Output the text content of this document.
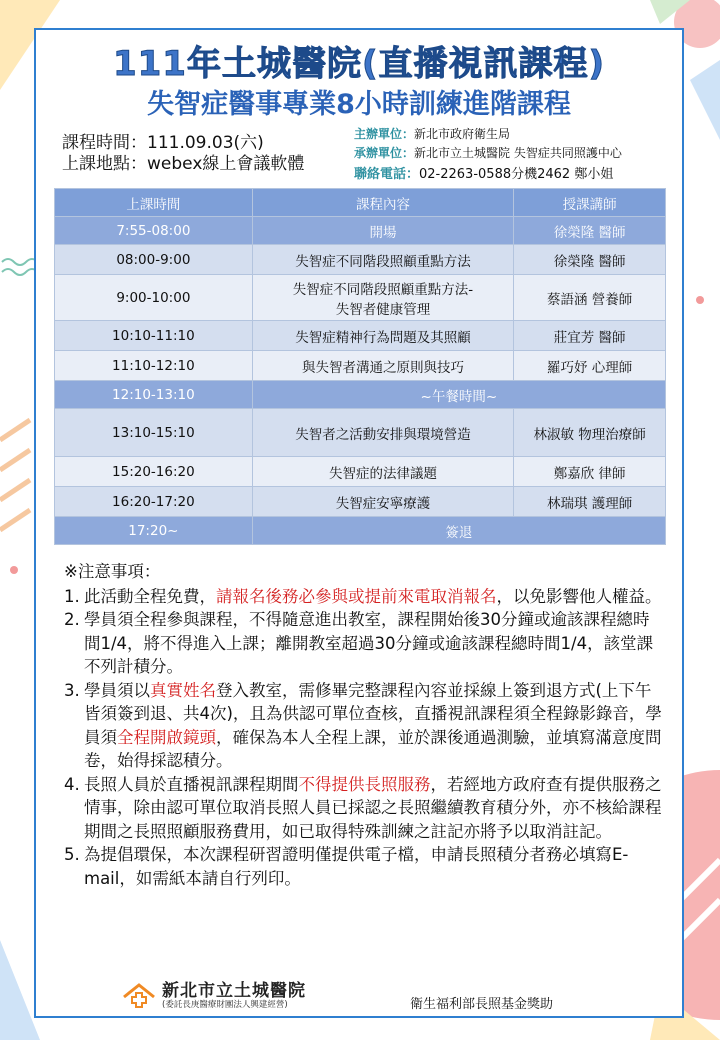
111年土城醫院(直播視訊課程)
失智症醫事專業8小時訓練進階課程
課程時間：111.09.03(六)
上課地點：webex線上會議軟體
主辦單位：新北市政府衛生局
承辦單位：新北市立土城醫院 失智症共同照護中心
聯絡電話：02-2263-0588分機2462 鄭小姐
上課時間	課程內容	授課講師
7:55-08:00	開場	徐榮隆 醫師
08:00-9:00	失智症不同階段照顧重點方法	徐榮隆 醫師
9:00-10:00	失智症不同階段照顧重點方法-
失智者健康管理	蔡語涵 營養師
10:10-11:10	失智症精神行為問題及其照顧	莊宜芳 醫師
11:10-12:10	與失智者溝通之原則與技巧	羅巧妤 心理師
12:10-13:10	~午餐時間~	
13:10-15:10	失智者之活動安排與環境營造	林淑敏 物理治療師
15:20-16:20	失智症的法律議題	鄭嘉欣 律師
16:20-17:20	失智症安寧療護	林瑞琪 護理師
17:20~	簽退	
※注意事項：
1. 此活動全程免費，請報名後務必參與或提前來電取消報名，以免影響他人權益。
2. 學員須全程參與課程，不得隨意進出教室，課程開始後30分鐘或逾該課程總時間1/4，將不得進入上課；離開教室超過30分鐘或逾該課程總時間1/4，該堂課不列計積分。
3. 學員須以真實姓名登入教室，需修畢完整課程內容並採線上簽到退方式(上下午皆須簽到退、共4次)，且為供認可單位查核，直播視訊課程須全程錄影錄音，學員須全程開啟鏡頭，確保為本人全程上課，並於課後通過測驗，並填寫滿意度問卷，始得採認積分。
4. 長照人員於直播視訊課程期間不得提供長照服務，若經地方政府查有提供服務之情事，除由認可單位取消長照人員已採認之長照繼續教育積分外，亦不核給課程期間之長照照顧服務費用，如已取得特殊訓練之註記亦將予以取消註記。
5. 為提倡環保，本次課程研習證明僅提供電子檔，申請長照積分者務必填寫E-mail，如需紙本請自行列印。
新北市立土城醫院
(委託長庚醫療財團法人興建經營)	衛生福利部長照基金獎助
